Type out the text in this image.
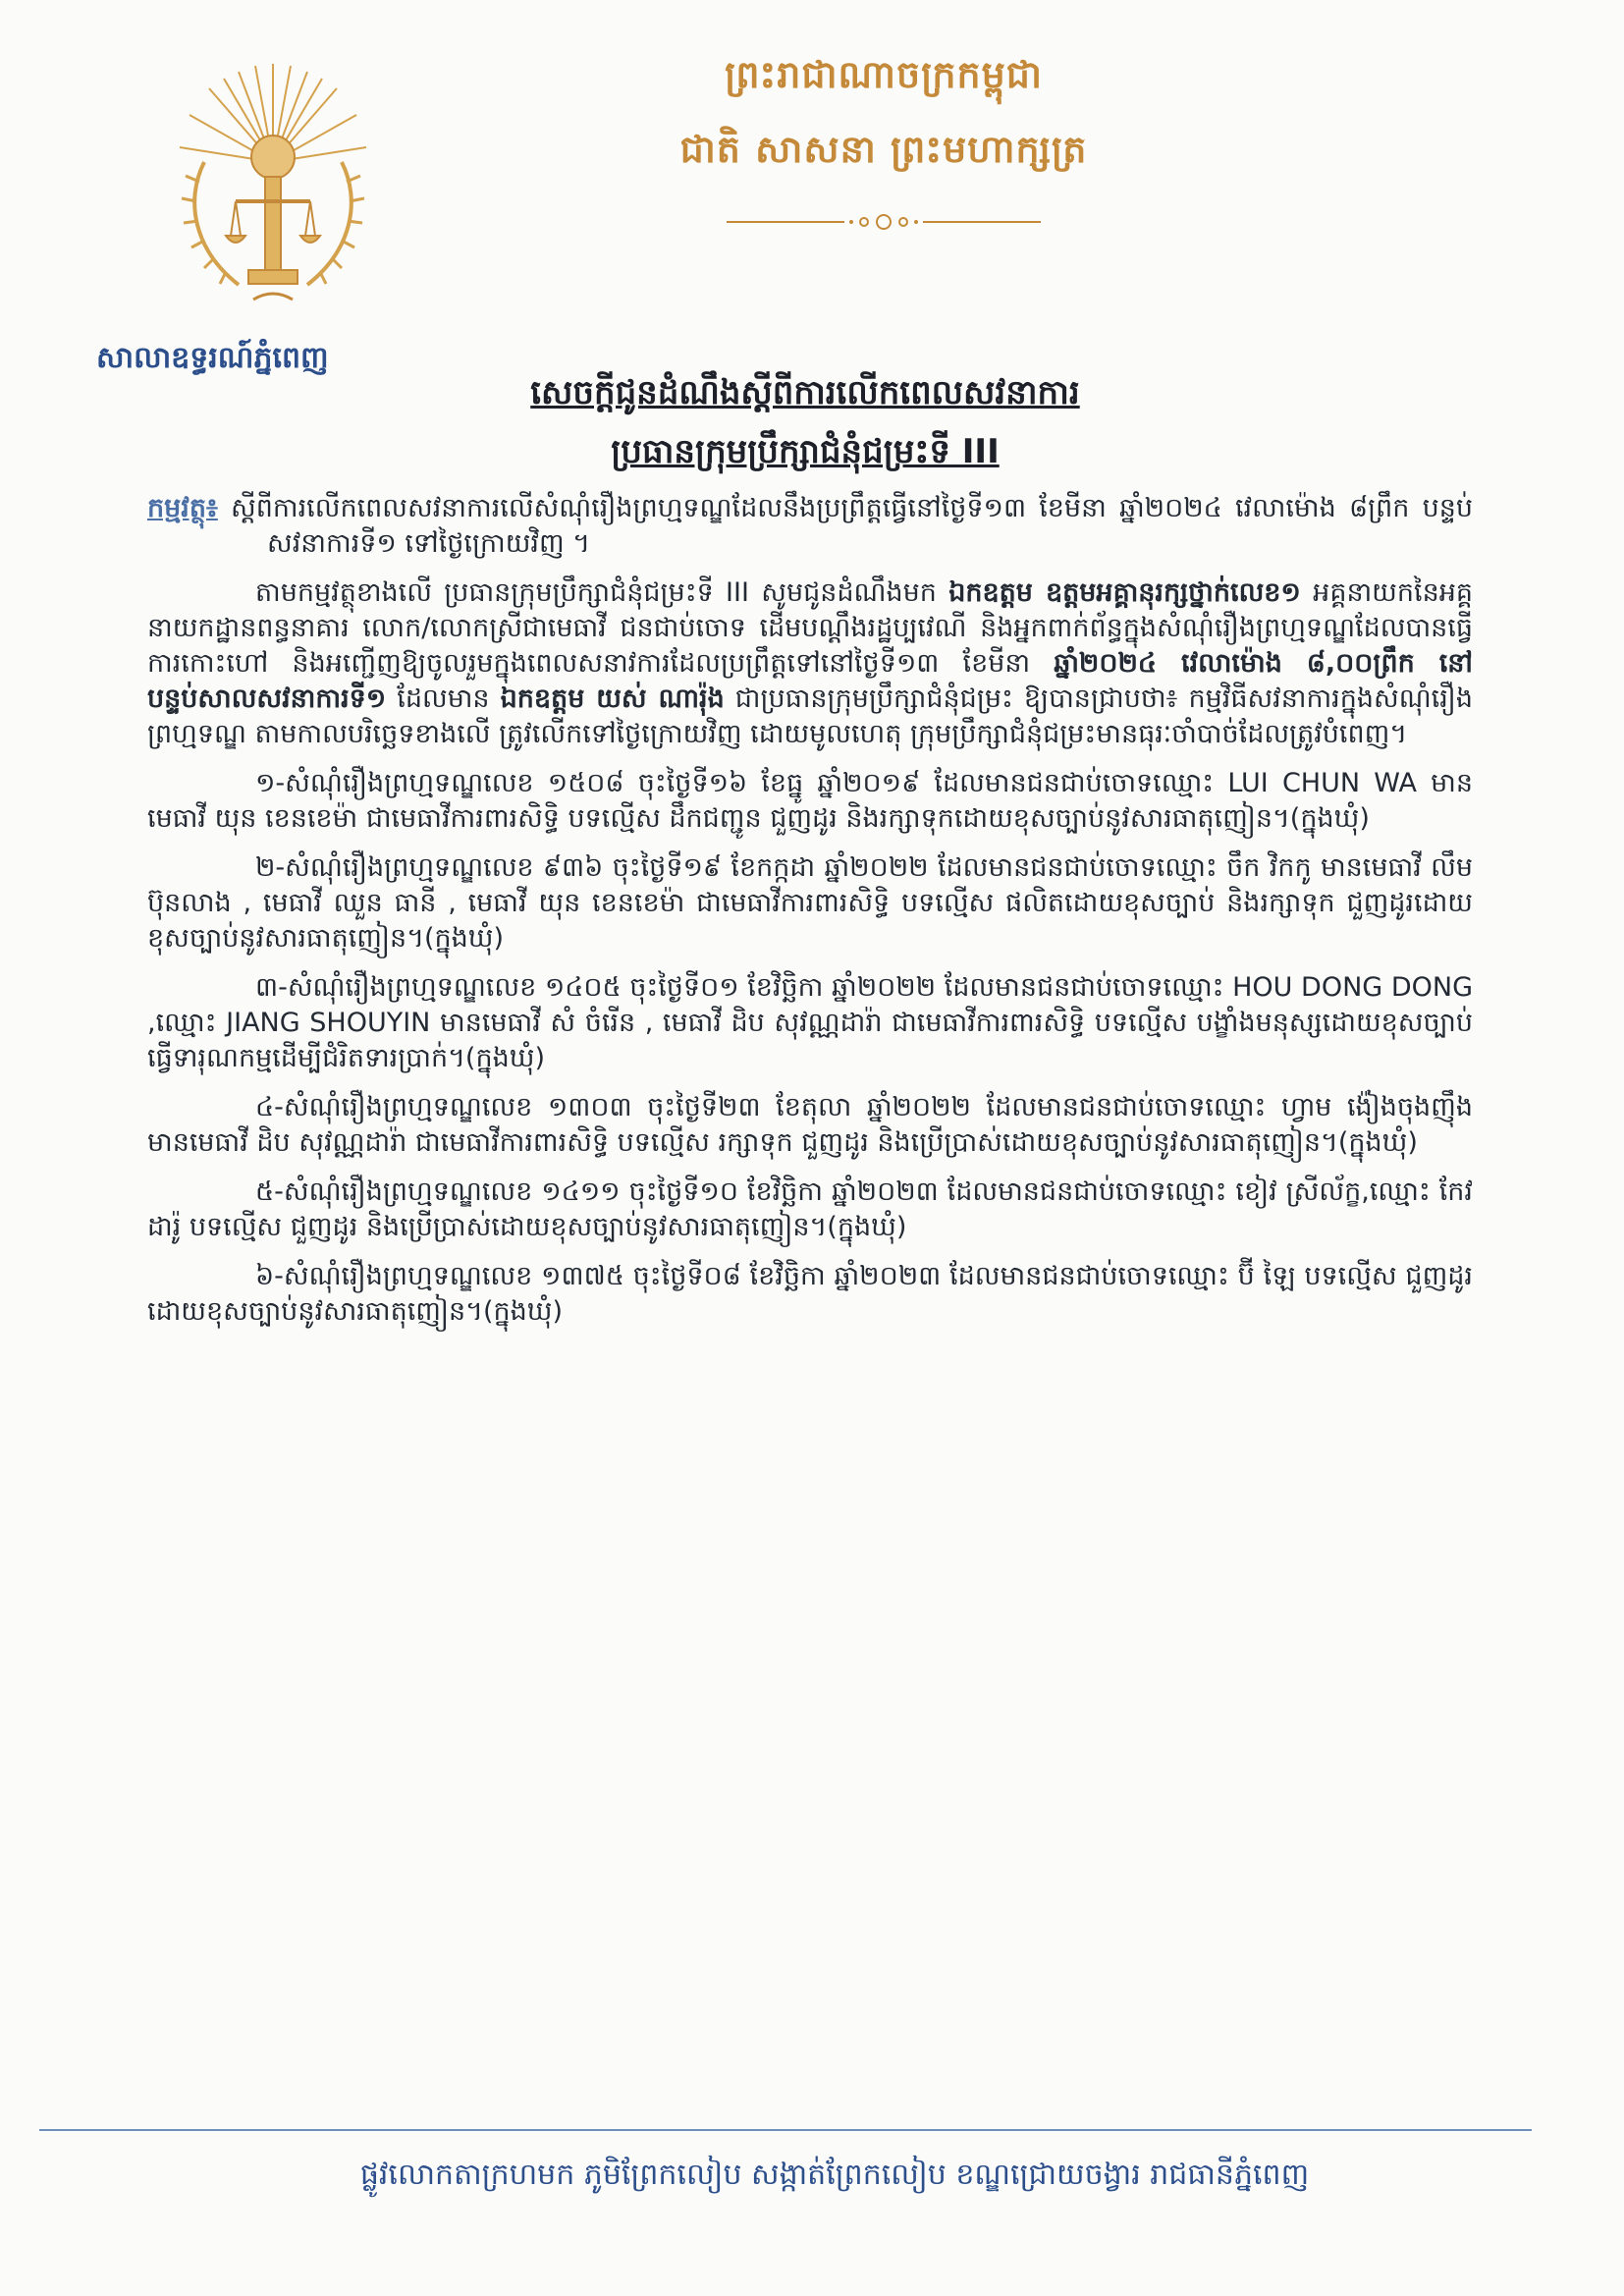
ព្រះរាជាណាចក្រកម្ពុជា
ជាតិ សាសនា ព្រះមហាក្សត្រ
សាលាឧទ្ធរណ៍ភ្នំពេញ
សេចក្តីជូនដំណឹងស្តីពីការលើកពេលសវនាការ
ប្រធានក្រុមប្រឹក្សាជំនុំជម្រះទី III

កម្មវត្ថុ៖ ស្តីពីការលើកពេលសវនាការលើសំណុំរឿងព្រហ្មទណ្ឌដែលនឹងប្រព្រឹត្តធ្វើនៅថ្ងៃទី១៣ ខែមីនា ឆ្នាំ២០២៤ វេលាម៉ោង ៨ព្រឹក បន្ទប់សវនាការទី១ ទៅថ្ងៃក្រោយវិញ ។

តាមកម្មវត្ថុខាងលើ ប្រធានក្រុមប្រឹក្សាជំនុំជម្រះទី III សូមជូនដំណឹងមក ឯកឧត្តម ឧត្តមអគ្គានុរក្សថ្នាក់លេខ១ អគ្គនាយកនៃអគ្គនាយកដ្ឋានពន្ធនាគារ លោក/លោកស្រីជាមេធាវី ជនជាប់ចោទ ដើមបណ្តឹងរដ្ឋប្បវេណី និងអ្នកពាក់ព័ន្ធក្នុងសំណុំរឿងព្រហ្មទណ្ឌដែលបានធ្វើការកោះហៅ និងអញ្ជើញឱ្យចូលរួមក្នុងពេលសនាវការដែលប្រព្រឹត្តទៅនៅថ្ងៃទី១៣ ខែមីនា ឆ្នាំ២០២៤ វេលាម៉ោង ៨,០០ព្រឹក នៅបន្ទប់សាលសវនាការទី១ ដែលមាន ឯកឧត្តម យស់ ណារ៉ុង ជាប្រធានក្រុមប្រឹក្សាជំនុំជម្រះ ឱ្យបានជ្រាបថា៖ កម្មវិធីសវនាការក្នុងសំណុំរឿងព្រហ្មទណ្ឌ តាមកាលបរិច្ឆេទខាងលើ ត្រូវលើកទៅថ្ងៃក្រោយវិញ ដោយមូលហេតុ ក្រុមប្រឹក្សាជំនុំជម្រះមានធុរៈចាំបាច់ដែលត្រូវបំពេញ។

១-សំណុំរឿងព្រហ្មទណ្ឌលេខ ១៥០៨ ចុះថ្ងៃទី១៦ ខែធ្នូ ឆ្នាំ២០១៩ ដែលមានជនជាប់ចោទឈ្មោះ LUI CHUN WA មានមេធាវី យុន ខេនខេម៉ា ជាមេធាវីការពារសិទ្ធិ បទល្មើស ដឹកជញ្ជូន ជួញដូរ និងរក្សាទុកដោយខុសច្បាប់នូវសារធាតុញៀន។(ក្នុងឃុំ)

២-សំណុំរឿងព្រហ្មទណ្ឌលេខ ៩៣៦ ចុះថ្ងៃទី១៩ ខែកក្កដា ឆ្នាំ២០២២ ដែលមានជនជាប់ចោទឈ្មោះ ចឹក វិកកូ មានមេធាវី លឹម ប៊ុនលាង , មេធាវី ឈួន ធានី , មេធាវី យុន ខេនខេម៉ា ជាមេធាវីការពារសិទ្ធិ បទល្មើស ផលិតដោយខុសច្បាប់ និងរក្សាទុក ជួញដូរដោយខុសច្បាប់នូវសារធាតុញៀន។(ក្នុងឃុំ)

៣-សំណុំរឿងព្រហ្មទណ្ឌលេខ ១៤០៥ ចុះថ្ងៃទី០១ ខែវិច្ឆិកា ឆ្នាំ២០២២ ដែលមានជនជាប់ចោទឈ្មោះ HOU DONG DONG ,ឈ្មោះ JIANG SHOUYIN មានមេធាវី សំ ចំរើន , មេធាវី ដិប សុវណ្ណដារ៉ា ជាមេធាវីការពារសិទ្ធិ បទល្មើស បង្ខាំងមនុស្សដោយខុសច្បាប់ ធ្វើទារុណកម្មដើម្បីជំរិតទារប្រាក់។(ក្នុងឃុំ)

៤-សំណុំរឿងព្រហ្មទណ្ឌលេខ ១៣០៣ ចុះថ្ងៃទី២៣ ខែតុលា ឆ្នាំ២០២២ ដែលមានជនជាប់ចោទឈ្មោះ ហ្វាម ង៉ៀងចុងញ៉ឹង មានមេធាវី ដិប សុវណ្ណដារ៉ា ជាមេធាវីការពារសិទ្ធិ បទល្មើស រក្សាទុក ជួញដូរ និងប្រើប្រាស់ដោយខុសច្បាប់នូវសារធាតុញៀន។(ក្នុងឃុំ)

៥-សំណុំរឿងព្រហ្មទណ្ឌលេខ ១៤១១ ចុះថ្ងៃទី១០ ខែវិច្ឆិកា ឆ្នាំ២០២៣ ដែលមានជនជាប់ចោទឈ្មោះ ខៀវ ស្រីល័ក្ខ,ឈ្មោះ កែវ ដារ៉ូ បទល្មើស ជួញដូរ និងប្រើប្រាស់ដោយខុសច្បាប់នូវសារធាតុញៀន។(ក្នុងឃុំ)

៦-សំណុំរឿងព្រហ្មទណ្ឌលេខ ១៣៧៥ ចុះថ្ងៃទី០៨ ខែវិច្ឆិកា ឆ្នាំ២០២៣ ដែលមានជនជាប់ចោទឈ្មោះ ប៊ី ឡៃ បទល្មើស ជួញដូរដោយខុសច្បាប់នូវសារធាតុញៀន។(ក្នុងឃុំ)

ផ្លូវលោកតាក្រហមក ភូមិព្រែកលៀប សង្កាត់ព្រែកលៀប ខណ្ឌជ្រោយចង្វារ រាជធានីភ្នំពេញ
